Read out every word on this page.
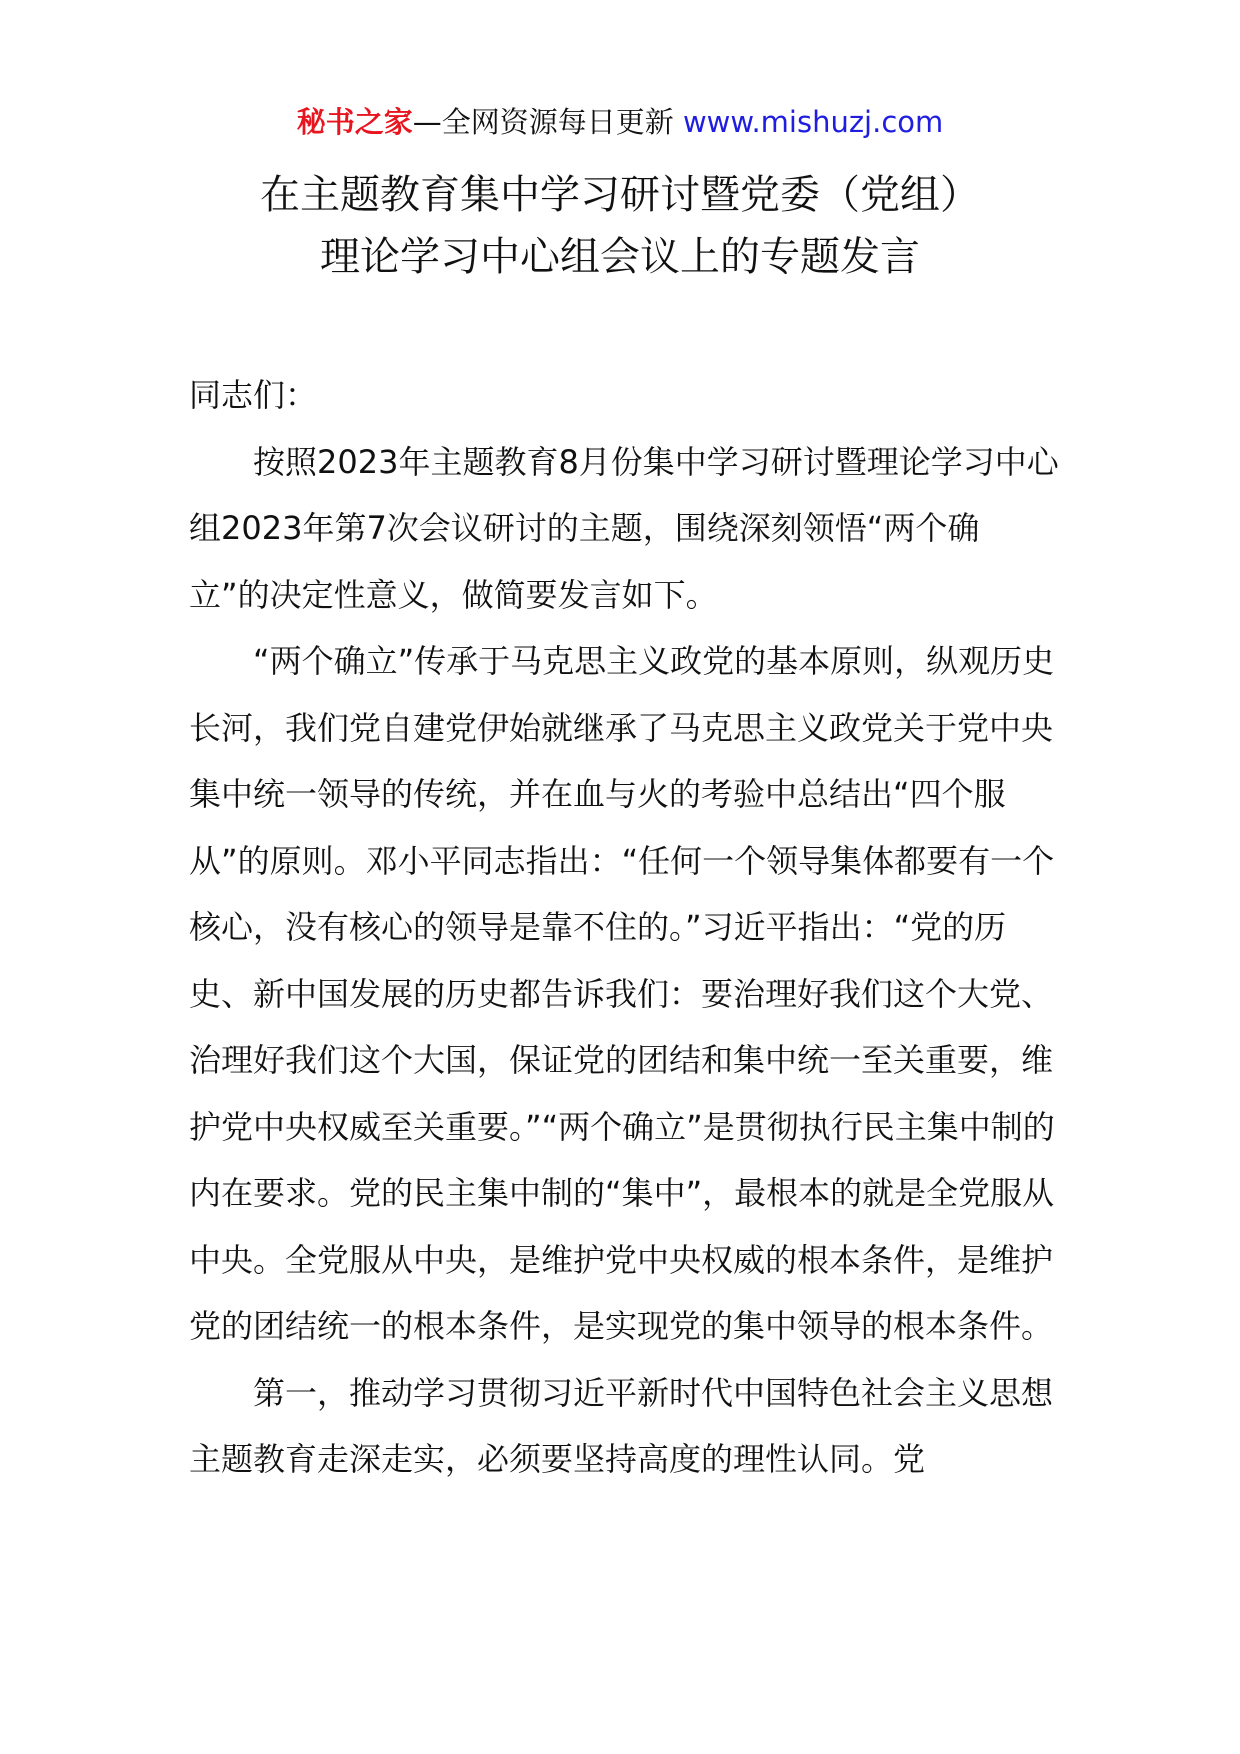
秘书之家—全网资源每日更新 www.mishuzj.com
在主题教育集中学习研讨暨党委（党组）
理论学习中心组会议上的专题发言

同志们：

按照2023年主题教育8月份集中学习研讨暨理论学习中心组2023年第7次会议研讨的主题，围绕深刻领悟“两个确立”的决定性意义，做简要发言如下。

“两个确立”传承于马克思主义政党的基本原则，纵观历史长河，我们党自建党伊始就继承了马克思主义政党关于党中央集中统一领导的传统，并在血与火的考验中总结出“四个服从”的原则。邓小平同志指出：“任何一个领导集体都要有一个核心，没有核心的领导是靠不住的。”习近平指出：“党的历史、新中国发展的历史都告诉我们：要治理好我们这个大党、治理好我们这个大国，保证党的团结和集中统一至关重要，维护党中央权威至关重要。”“两个确立”是贯彻执行民主集中制的内在要求。党的民主集中制的“集中”，最根本的就是全党服从中央。全党服从中央，是维护党中央权威的根本条件，是维护党的团结统一的根本条件，是实现党的集中领导的根本条件。

第一，推动学习贯彻习近平新时代中国特色社会主义思想主题教育走深走实，必须要坚持高度的理性认同。党
